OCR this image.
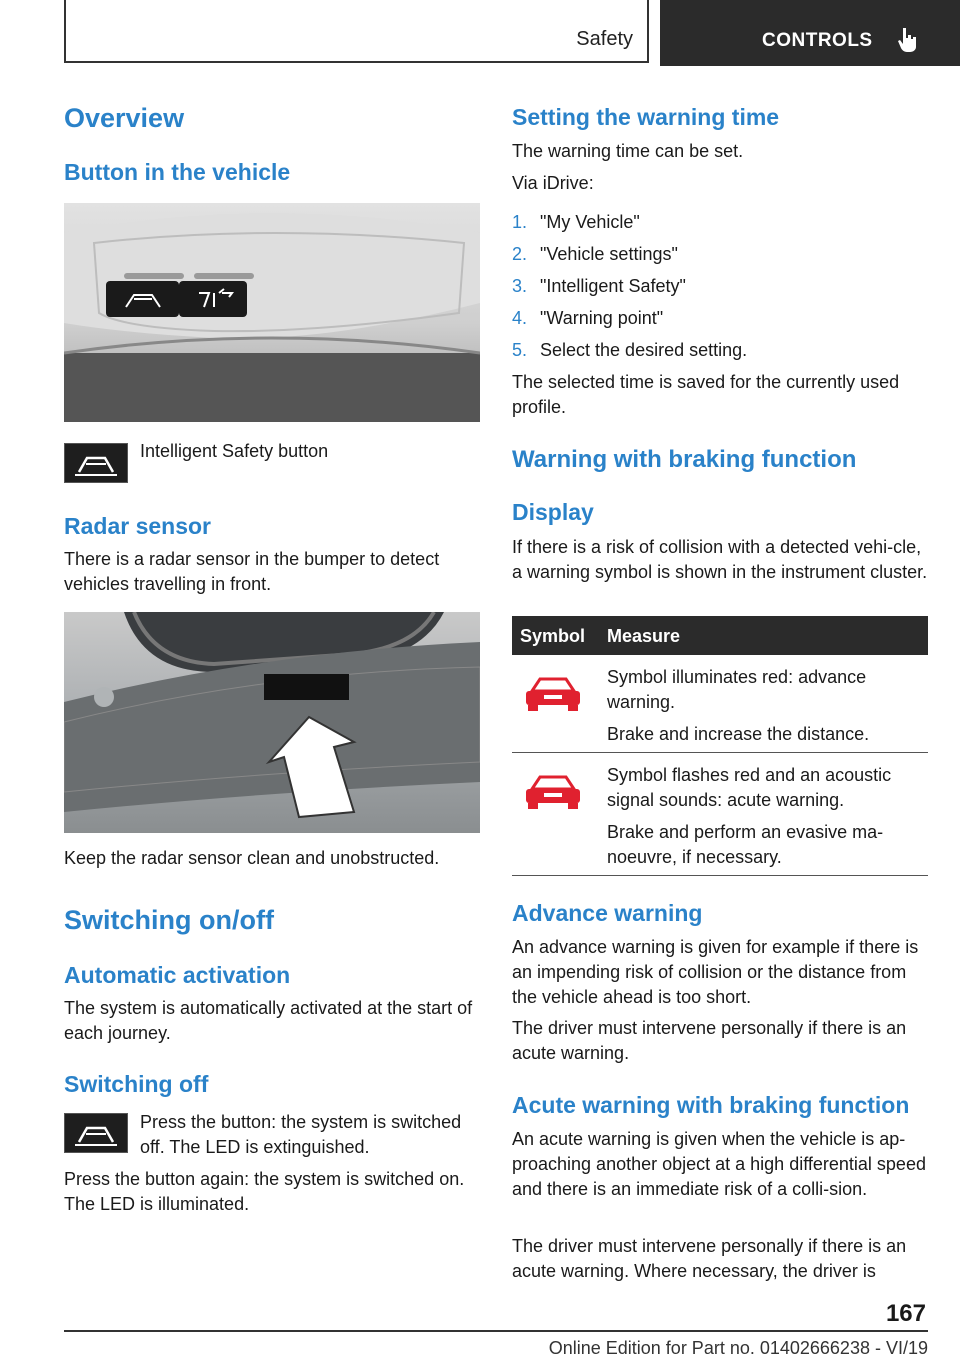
Safety	CONTROLS
Overview
Button in the vehicle
Intelligent Safety button
Radar sensor

There is a radar sensor in the bumper to detect vehicles travelling in front.

Keep the radar sensor clean and unobstructed.

Switching on/off
Automatic activation

The system is automatically activated at the start of each journey.

Switching off

Press the button: the system is switched off. The LED is extinguished.

Press the button again: the system is switched on. The LED is illuminated.

Setting the warning time

The warning time can be set.

Via iDrive:

1. "My Vehicle"
2. "Vehicle settings"
3. "Intelligent Safety"
4. "Warning point"
5. Select the desired setting.

The selected time is saved for the currently used profile.

Warning with braking function
Display

If there is a risk of collision with a detected vehi‐cle, a warning symbol is shown in the instrument cluster.

Symbol Measure

Symbol illuminates red: advance warning.

Brake and increase the distance.

Symbol flashes red and an acoustic signal sounds: acute warning.

Brake and perform an evasive ma‐noeuvre, if necessary.

Advance warning

An advance warning is given for example if there is an impending risk of collision or the distance from the vehicle ahead is too short.

The driver must intervene personally if there is an acute warning.

Acute warning with braking function

An acute warning is given when the vehicle is ap‐proaching another object at a high differential speed and there is an immediate risk of a colli‐sion.

The driver must intervene personally if there is an acute warning. Where necessary, the driver is

167
Online Edition for Part no. 01402666238 - VI/19
